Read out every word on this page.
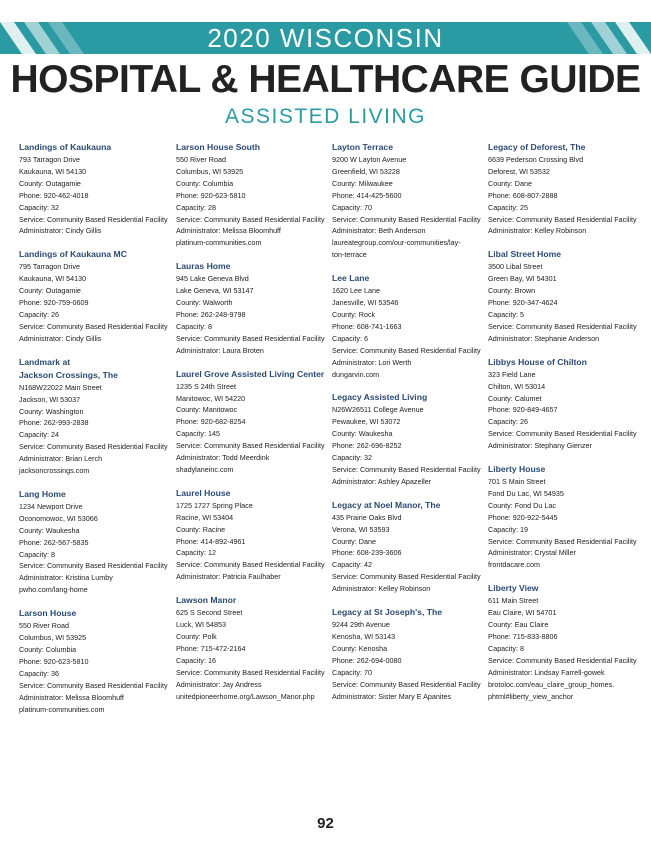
2020 WISCONSIN
HOSPITAL & HEALTHCARE GUIDE
ASSISTED LIVING
Landings of Kaukauna
793 Tarragon Drive
Kaukauna, WI 54130
County: Outagamie
Phone: 920-462-4018
Capacity: 32
Service: Community Based Residential Facility
Administrator: Cindy Gillis
Landings of Kaukauna MC
795 Tarragon Drive
Kaukauna, WI 54130
County: Outagamie
Phone: 920-759-0609
Capacity: 26
Service: Community Based Residential Facility
Administrator: Cindy Gillis
Landmark at
Jackson Crossings, The
N168W22022 Main Street
Jackson, WI 53037
County: Washington
Phone: 262-993-2838
Capacity: 24
Service: Community Based Residential Facility
Administrator: Brian Lerch
jacksoncrossings.com
Lang Home
1234 Newport Drive
Oconomowoc, WI 53066
County: Waukesha
Phone: 262-567-5835
Capacity: 8
Service: Community Based Residential Facility
Administrator: Kristina Lumby
pwho.com/lang-home
Larson House
550 River Road
Columbus, WI 53925
County: Columbia
Phone: 920-623-5810
Capacity: 36
Service: Community Based Residential Facility
Administrator: Melissa Bloomhuff
platinum-communities.com
Larson House South
550 River Road
Columbus, WI 53925
County: Columbia
Phone: 920-623-5810
Capacity: 28
Service: Community Based Residential Facility
Administrator: Melissa Bloomhuff
platinum-communities.com
Lauras Home
945 Lake Geneva Blvd
Lake Geneva, WI 53147
County: Walworth
Phone: 262-248-9798
Capacity: 8
Service: Community Based Residential Facility
Administrator: Laura Broten
Laurel Grove Assisted Living Center
1235 S 24th Street
Manitowoc, WI 54220
County: Manitowoc
Phone: 920-682-8254
Capacity: 145
Service: Community Based Residential Facility
Administrator: Todd Meerdink
shadylaneinc.com
Laurel House
1725 1727 Spring Place
Racine, WI 53404
County: Racine
Phone: 414-892-4961
Capacity: 12
Service: Community Based Residential Facility
Administrator: Patricia Faulhaber
Lawson Manor
625 S Second Street
Luck, WI 54853
County: Polk
Phone: 715-472-2164
Capacity: 16
Service: Community Based Residential Facility
Administrator: Jay Andress
unitedpioneerhome.org/Lawson_Manor.php
Layton Terrace
9200 W Layton Avenue
Greenfield, WI 53228
County: Milwaukee
Phone: 414-425-5600
Capacity: 70
Service: Community Based Residential Facility
Administrator: Beth Anderson
laureategroup.com/our-communities/lay-
ton-terrace
Lee Lane
1620 Lee Lane
Janesville, WI 53546
County: Rock
Phone: 608-741-1663
Capacity: 6
Service: Community Based Residential Facility
Administrator: Lori Werth
dungarvin.com
Legacy Assisted Living
N26W26511 College Avenue
Pewaukee, WI 53072
County: Waukesha
Phone: 262-696-8252
Capacity: 32
Service: Community Based Residential Facility
Administrator: Ashley Apazeller
Legacy at Noel Manor, The
435 Prairie Oaks Blvd
Verona, WI 53593
County: Dane
Phone: 608-239-3606
Capacity: 42
Service: Community Based Residential Facility
Administrator: Kelley Robinson
Legacy at St Joseph's, The
9244 29th Avenue
Kenosha, WI 53143
County: Kenosha
Phone: 262-694-0080
Capacity: 70
Service: Community Based Residential Facility
Administrator: Sister Mary E Apanites
Legacy of Deforest, The
6639 Pederson Crossing Blvd
Deforest, WI 53532
County: Dane
Phone: 608-807-2888
Capacity: 25
Service: Community Based Residential Facility
Administrator: Kelley Robinson
Libal Street Home
3500 Libal Street
Green Bay, WI 54301
County: Brown
Phone: 920-347-4624
Capacity: 5
Service: Community Based Residential Facility
Administrator: Stephanie Anderson
Libbys House of Chilton
323 Field Lane
Chilton, WI 53014
County: Calumet
Phone: 920-849-4657
Capacity: 26
Service: Community Based Residential Facility
Administrator: Stephany Gienzer
Liberty House
701 S Main Street
Fond Du Lac, WI 54935
County: Fond Du Lac
Phone: 920-922-5445
Capacity: 19
Service: Community Based Residential Facility
Administrator: Crystal Miller
frontdacare.com
Liberty View
611 Main Street
Eau Claire, WI 54701
County: Eau Claire
Phone: 715-833-8806
Capacity: 8
Service: Community Based Residential Facility
Administrator: Lindsay Farrell-gowek
brotoloc.com/eau_claire_group_homes.
phtml#liberty_view_anchor
92
